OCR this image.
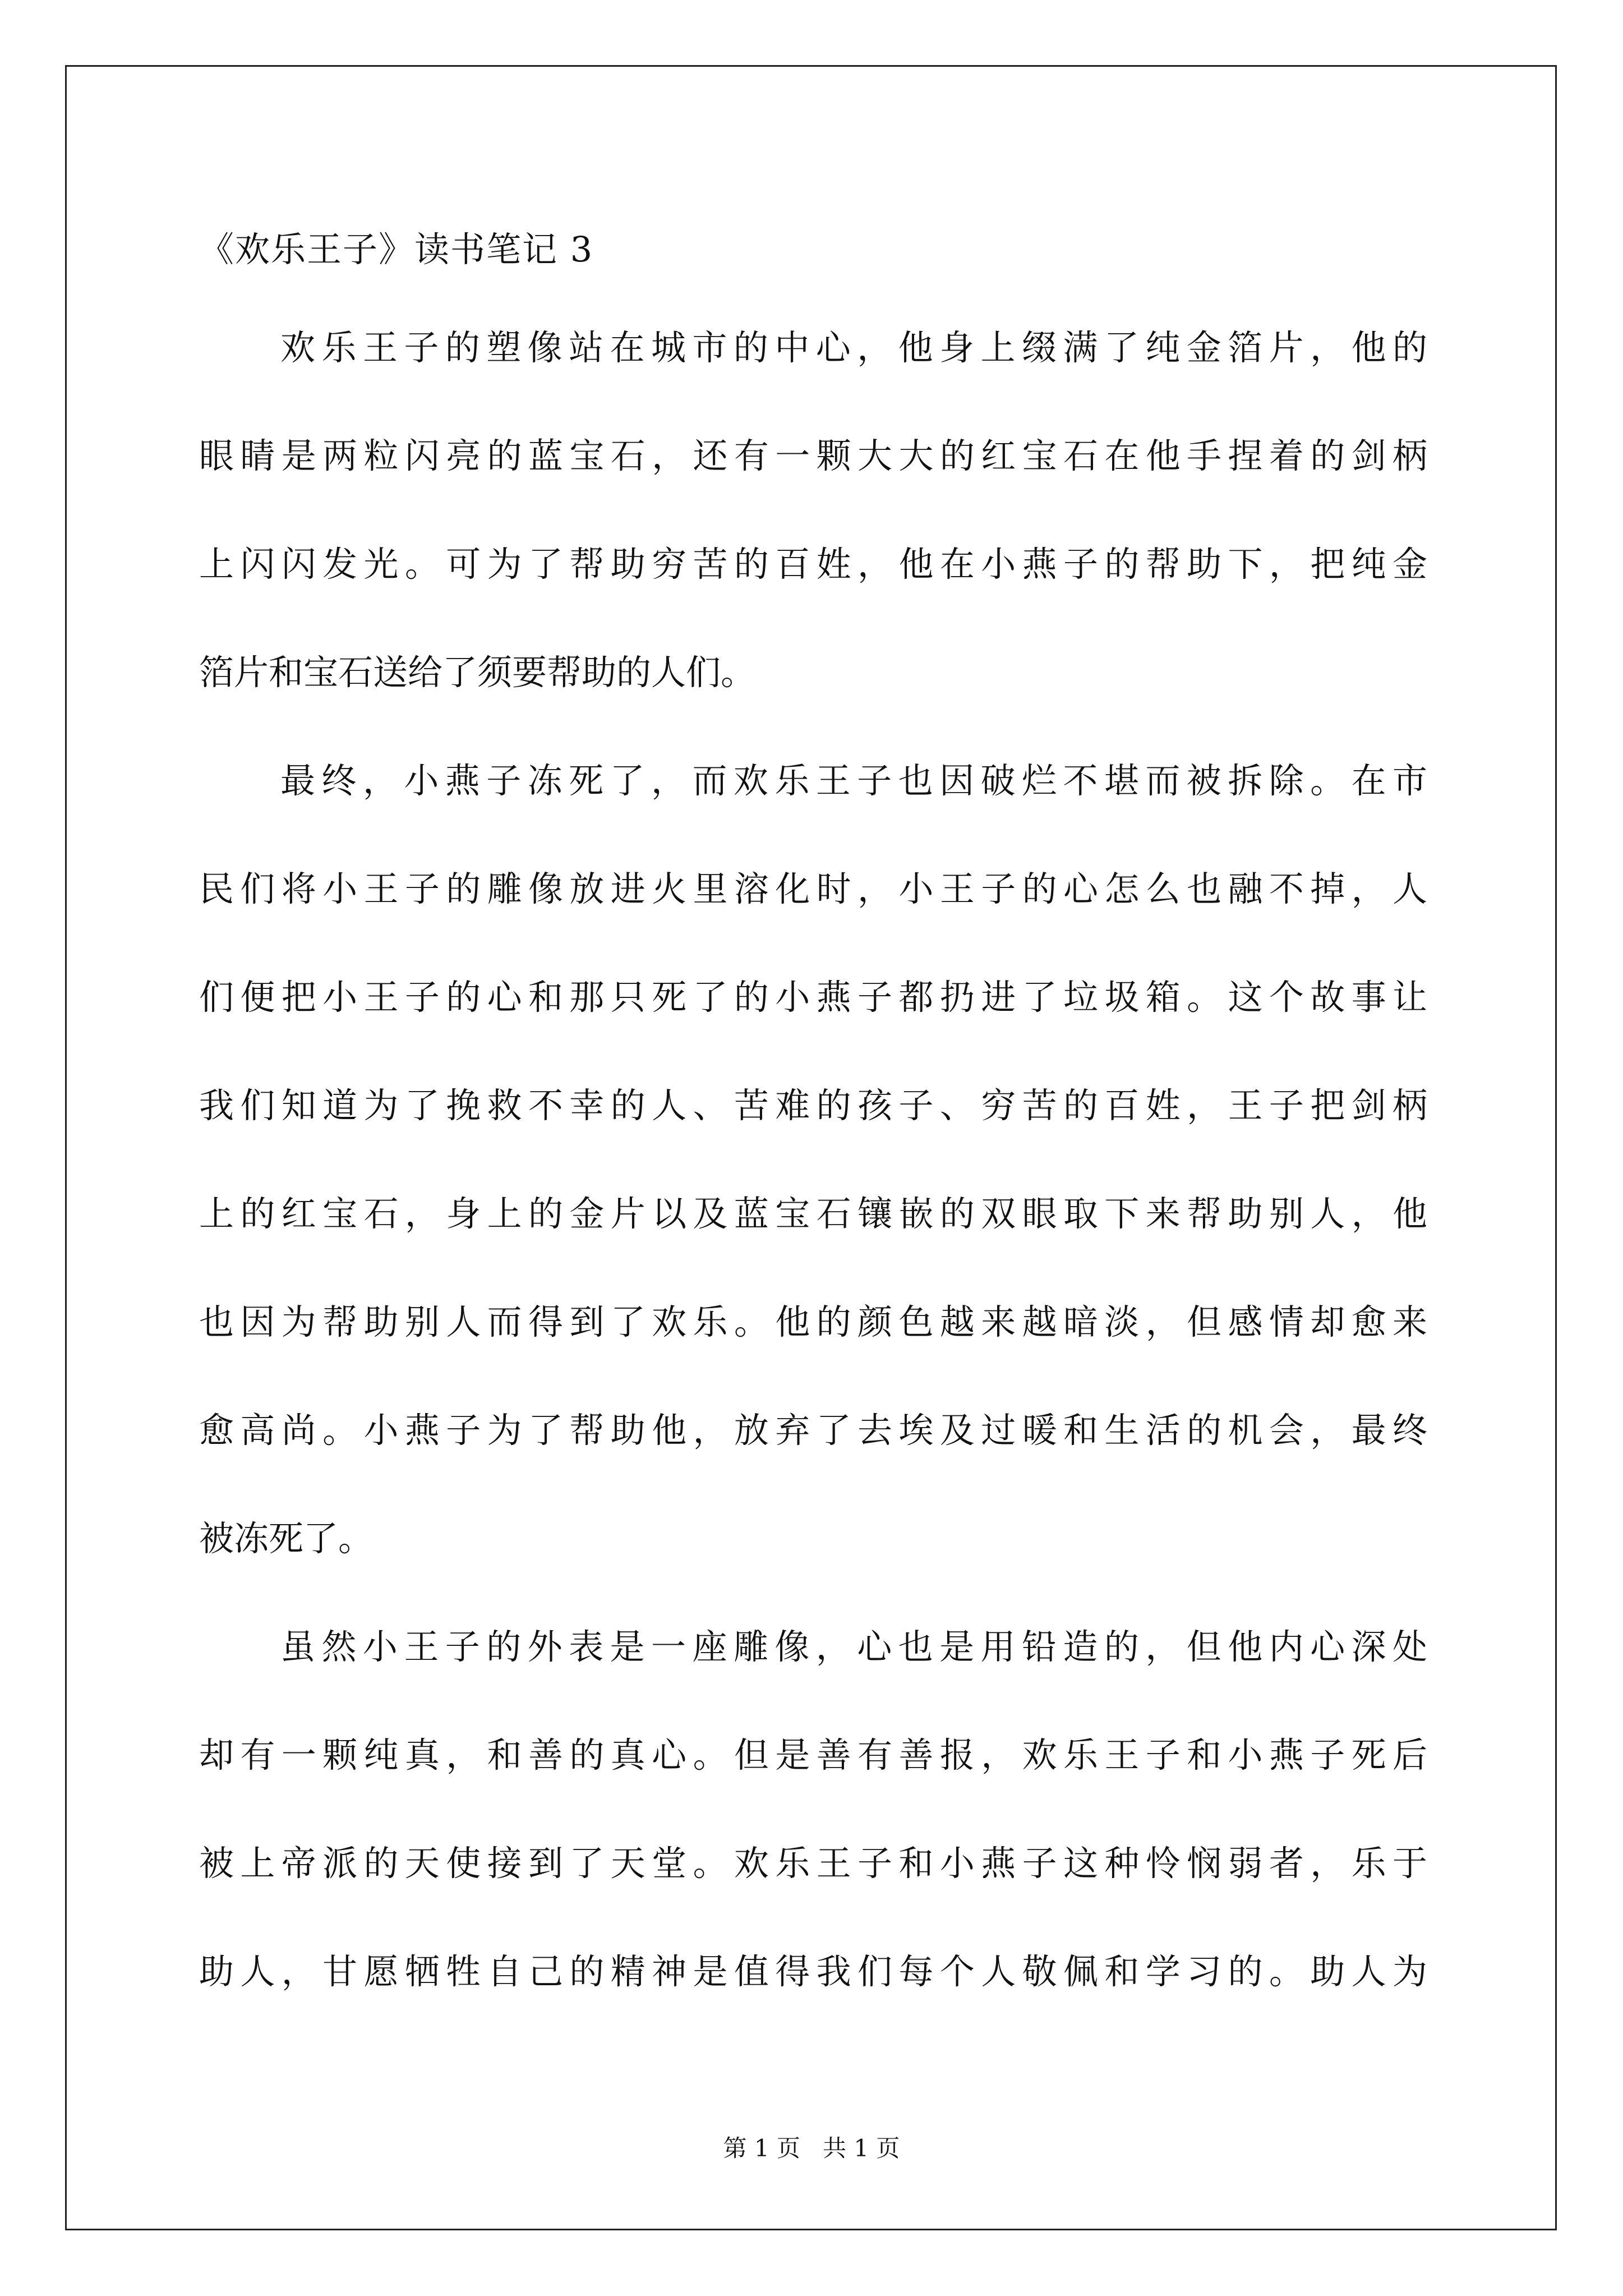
《欢乐王子》读书笔记 3
欢乐王子的塑像站在城市的中心，他身上缀满了纯金箔片，他的
眼睛是两粒闪亮的蓝宝石，还有一颗大大的红宝石在他手捏着的剑柄
上闪闪发光。可为了帮助穷苦的百姓，他在小燕子的帮助下，把纯金
箔片和宝石送给了须要帮助的人们。
最终，小燕子冻死了，而欢乐王子也因破烂不堪而被拆除。在市
民们将小王子的雕像放进火里溶化时，小王子的心怎么也融不掉，人
们便把小王子的心和那只死了的小燕子都扔进了垃圾箱。这个故事让
我们知道为了挽救不幸的人、苦难的孩子、穷苦的百姓，王子把剑柄
上的红宝石，身上的金片以及蓝宝石镶嵌的双眼取下来帮助别人，他
也因为帮助别人而得到了欢乐。他的颜色越来越暗淡，但感情却愈来
愈高尚。小燕子为了帮助他，放弃了去埃及过暖和生活的机会，最终
被冻死了。
虽然小王子的外表是一座雕像，心也是用铅造的，但他内心深处
却有一颗纯真，和善的真心。但是善有善报，欢乐王子和小燕子死后
被上帝派的天使接到了天堂。欢乐王子和小燕子这种怜悯弱者，乐于
助人，甘愿牺牲自己的精神是值得我们每个人敬佩和学习的。助人为
第 1 页 共 1 页
